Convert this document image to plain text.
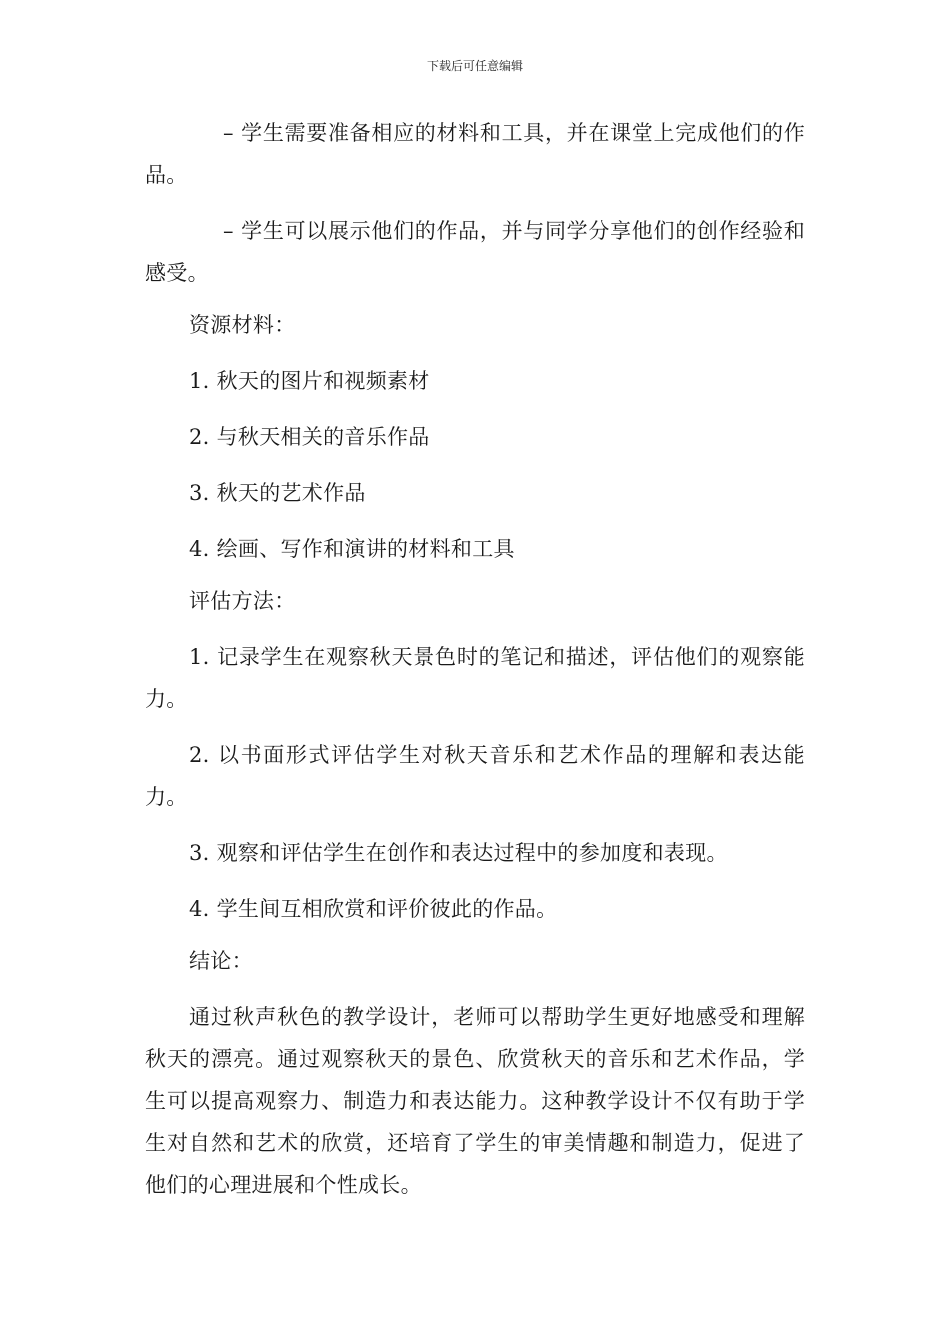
下载后可任意编辑

– 学生需要准备相应的材料和工具，并在课堂上完成他们的作品。

– 学生可以展示他们的作品，并与同学分享他们的创作经验和感受。

资源材料：

1. 秋天的图片和视频素材

2. 与秋天相关的音乐作品

3. 秋天的艺术作品

4. 绘画、写作和演讲的材料和工具

评估方法：

1. 记录学生在观察秋天景色时的笔记和描述，评估他们的观察能力。

2. 以书面形式评估学生对秋天音乐和艺术作品的理解和表达能力。

3. 观察和评估学生在创作和表达过程中的参加度和表现。

4. 学生间互相欣赏和评价彼此的作品。

结论：

通过秋声秋色的教学设计，老师可以帮助学生更好地感受和理解秋天的漂亮。通过观察秋天的景色、欣赏秋天的音乐和艺术作品，学生可以提高观察力、制造力和表达能力。这种教学设计不仅有助于学生对自然和艺术的欣赏，还培育了学生的审美情趣和制造力，促进了他们的心理进展和个性成长。
